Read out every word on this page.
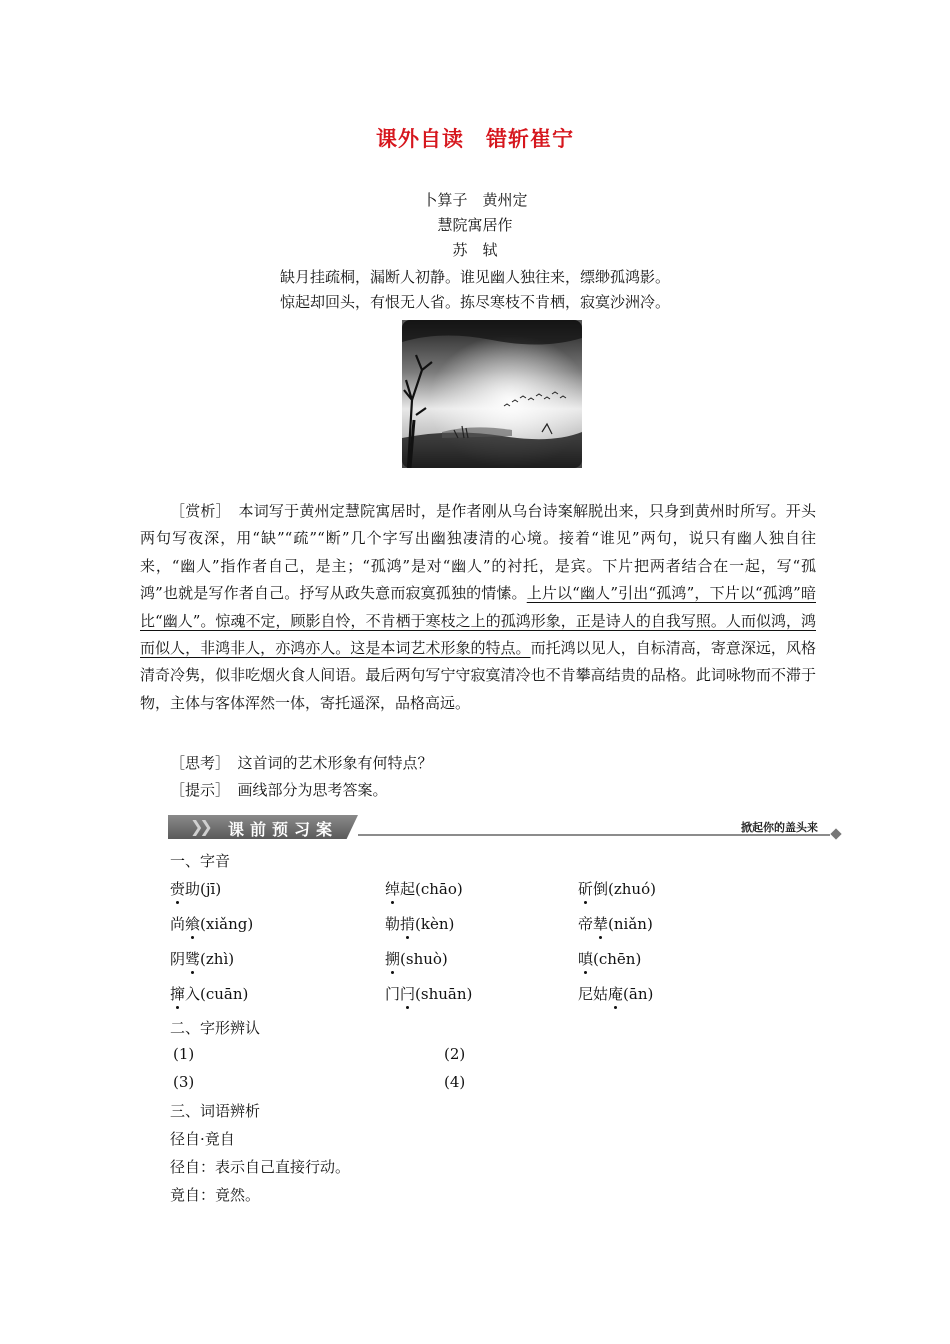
课外自读　错斩崔宁
卜算子　黄州定
慧院寓居作
苏　轼
缺月挂疏桐，漏断人初静。谁见幽人独往来，缥缈孤鸿影。
惊起却回头，有恨无人省。拣尽寒枝不肯栖，寂寞沙洲冷。

［赏析］　本词写于黄州定慧院寓居时，是作者刚从乌台诗案解脱出来，只身到黄州时所写。开头两句写夜深，用“缺”“疏”“断”几个字写出幽独凄清的心境。接着“谁见”两句，说只有幽人独自往来，“幽人”指作者自己，是主；“孤鸿”是对“幽人”的衬托，是宾。下片把两者结合在一起，写“孤鸿”也就是写作者自己。抒写从政失意而寂寞孤独的情愫。上片以“幽人”引出“孤鸿”，下片以“孤鸿”暗比“幽人”。惊魂不定，顾影自怜，不肯栖于寒枝之上的孤鸿形象，正是诗人的自我写照。人而似鸿，鸿而似人，非鸿非人，亦鸿亦人。这是本词艺术形象的特点。而托鸿以见人，自标清高，寄意深远，风格清奇冷隽，似非吃烟火食人间语。最后两句写宁守寂寞清冷也不肯攀高结贵的品格。此词咏物而不滞于物，主体与客体浑然一体，寄托遥深，品格高远。

［思考］　这首词的艺术形象有何特点？
［提示］　画线部分为思考答案。
❯❯ 课前预习案	掀起你的盖头来
一、字音
赍助(jī)	绰起(chāo)	斫倒(zhuó)
尚飨(xiǎng)	勒掯(kèn)	帝辇(niǎn)
阴骘(zhì)	搠(shuò)	嗔(chēn)
撺入(cuān)	门闩(shuān)	尼姑庵(ān)
二、字形辨认
(1)	(2)
(3)	(4)
三、词语辨析
径自·竟自
径自：表示自己直接行动。
竟自：竟然。
